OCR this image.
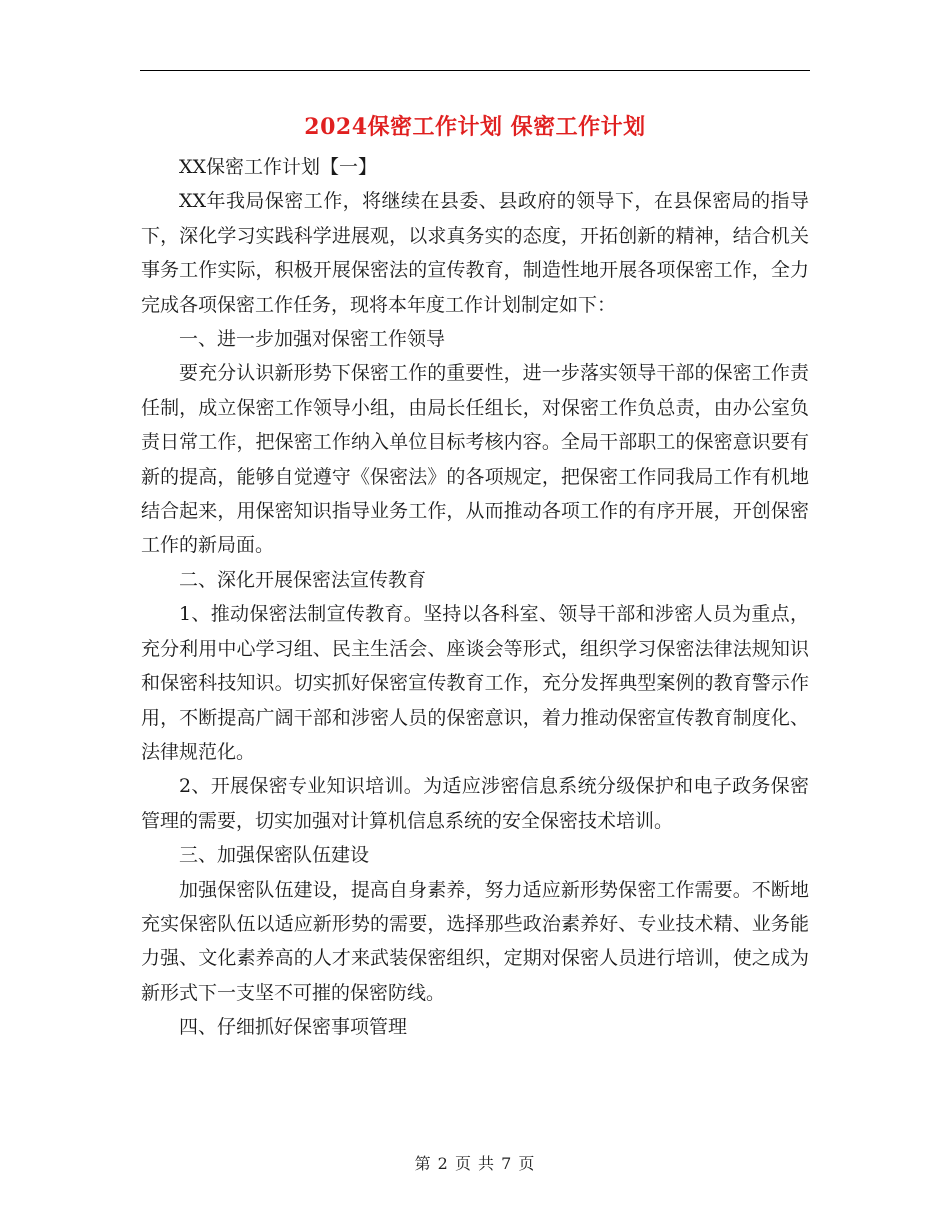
2024保密工作计划 保密工作计划

XX保密工作计划【一】

XX年我局保密工作，将继续在县委、县政府的领导下，在县保密局的指导下，深化学习实践科学进展观，以求真务实的态度，开拓创新的精神，结合机关事务工作实际，积极开展保密法的宣传教育，制造性地开展各项保密工作，全力完成各项保密工作任务，现将本年度工作计划制定如下：

一、进一步加强对保密工作领导

要充分认识新形势下保密工作的重要性，进一步落实领导干部的保密工作责任制，成立保密工作领导小组，由局长任组长，对保密工作负总责，由办公室负责日常工作，把保密工作纳入单位目标考核内容。全局干部职工的保密意识要有新的提高，能够自觉遵守《保密法》的各项规定，把保密工作同我局工作有机地结合起来，用保密知识指导业务工作，从而推动各项工作的有序开展，开创保密工作的新局面。

二、深化开展保密法宣传教育

1、推动保密法制宣传教育。坚持以各科室、领导干部和涉密人员为重点，充分利用中心学习组、民主生活会、座谈会等形式，组织学习保密法律法规知识和保密科技知识。切实抓好保密宣传教育工作，充分发挥典型案例的教育警示作用，不断提高广阔干部和涉密人员的保密意识，着力推动保密宣传教育制度化、法律规范化。

2、开展保密专业知识培训。为适应涉密信息系统分级保护和电子政务保密管理的需要，切实加强对计算机信息系统的安全保密技术培训。

三、加强保密队伍建设

加强保密队伍建设，提高自身素养，努力适应新形势保密工作需要。不断地充实保密队伍以适应新形势的需要，选择那些政治素养好、专业技术精、业务能力强、文化素养高的人才来武装保密组织，定期对保密人员进行培训，使之成为新形式下一支坚不可摧的保密防线。

四、仔细抓好保密事项管理

第 2 页 共 7 页
